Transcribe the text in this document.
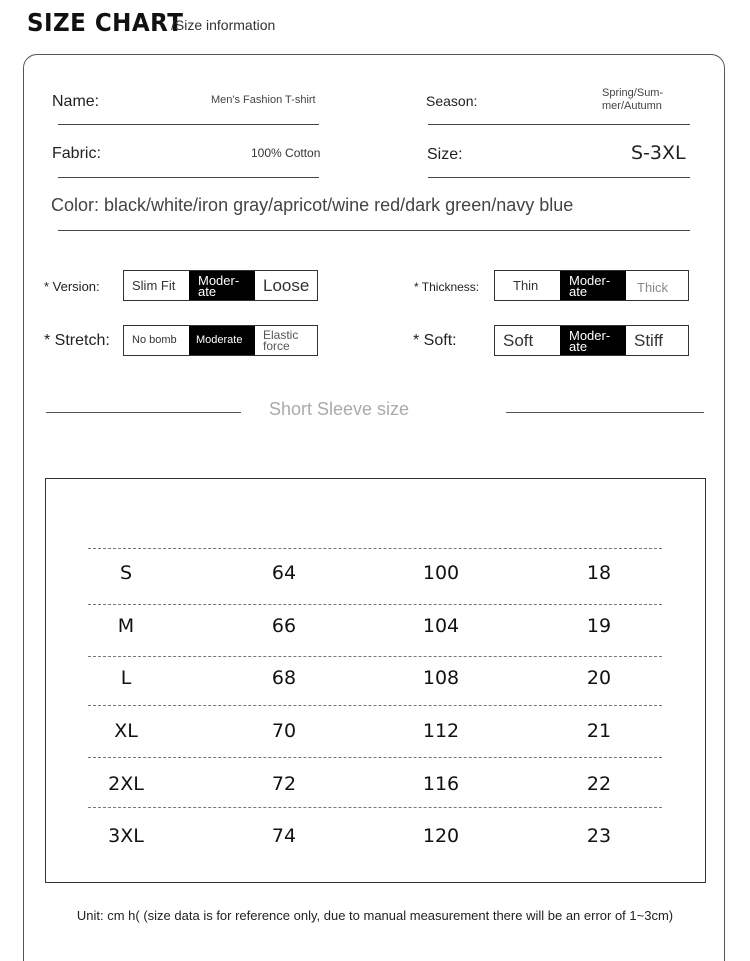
SIZE CHART
/Size information
Name:	Men's Fashion T-shirt	Season:	Spring/Sum-
mer/Autumn
Fabric:	100% Cotton	Size:	S-3XL
Color: black/white/iron gray/apricot/wine red/dark green/navy blue
* Version:	Slim Fit	Moder-
ate	Loose	* Thickness:	Thin	Moder-
ate	Thick
* Stretch:	No bomb	Moderate	Elastic
force	* Soft:	Soft	Moder-
ate	Stiff
Short Sleeve size
S	64	100	18
M	66	104	19
L	68	108	20
XL	70	112	21
2XL	72	116	22
3XL	74	120	23
Unit: cm h( (size data is for reference only, due to manual measurement there will be an error of 1~3cm)
